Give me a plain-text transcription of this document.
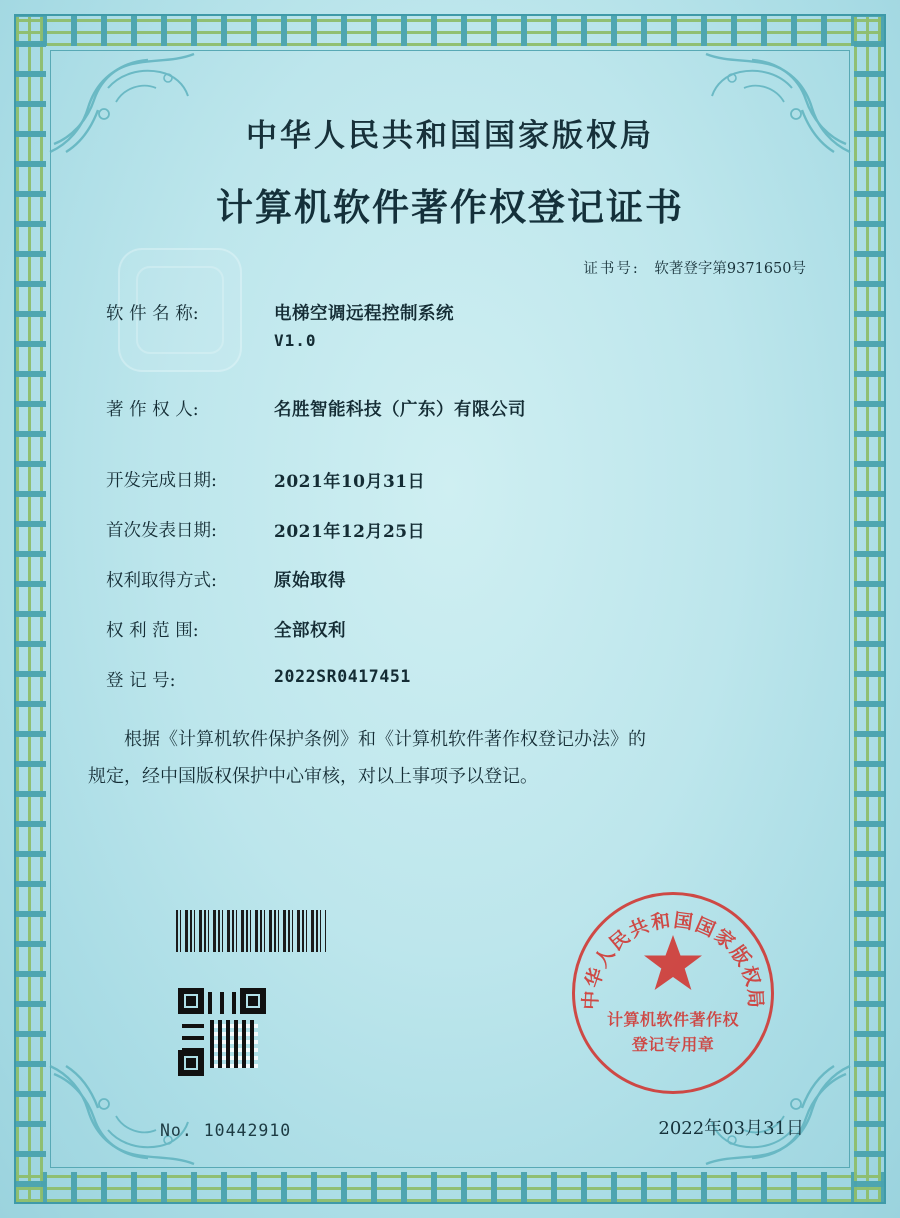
中华人民共和国国家版权局
计算机软件著作权登记证书
证书号: 软著登字第9371650号
软 件 名 称:	电梯空调远程控制系统
V1.0
著 作 权 人:	名胜智能科技（广东）有限公司
开发完成日期:	2021年10月31日
首次发表日期:	2021年12月25日
权利取得方式:	原始取得
权 利 范 围:	全部权利
登 记 号:	2022SR0417451

根据《计算机软件保护条例》和《计算机软件著作权登记办法》的

规定，经中国版权保护中心审核，对以上事项予以登记。

No. 10442910	2022年03月31日
中华人民共和国国家版权局
计算机软件著作权
登记专用章
